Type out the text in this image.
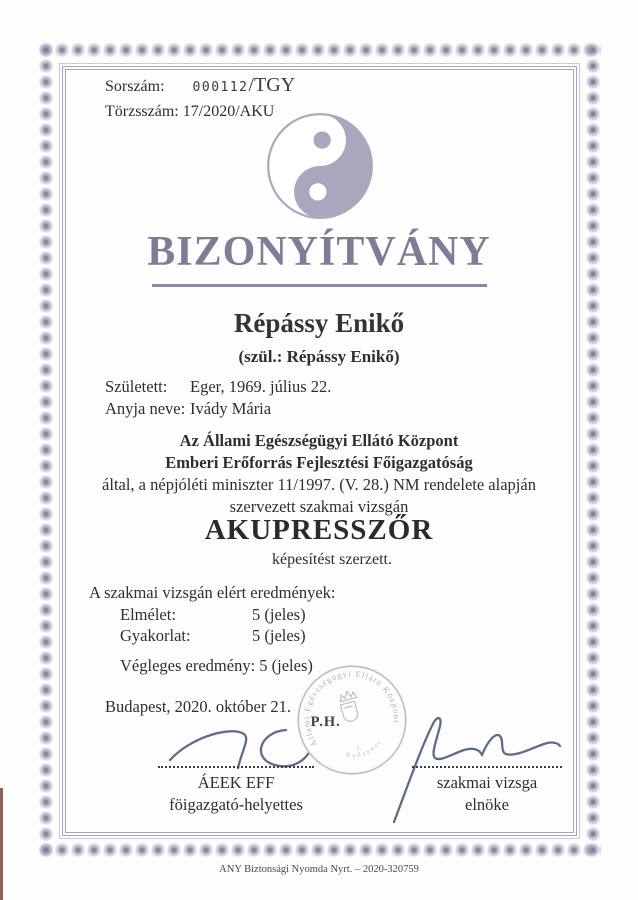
Sorszám: 000112/TGY
Törzsszám: 17/2020/AKU
BIZONYÍTVÁNY
Répássy Enikő
(szül.: Répássy Enikő)
Született: Eger, 1969. július 22.
Anyja neve: Ivády Mária
Az Állami Egészségügyi Ellátó Központ
Emberi Erőforrás Fejlesztési Főigazgatóság
által, a népjóléti miniszter 11/1997. (V. 28.) NM rendelete alapján
szervezett szakmai vizsgán
AKUPRESSZŐR
képesítést szerzett.
A szakmai vizsgán elért eredmények:
Elmélet:	5 (jeles)
Gyakorlat:	5 (jeles)
Végleges eredmény: 5 (jeles)
Budapest, 2020. október 21.
Állami Egészségügyi Ellátó Központ
Budapest
1.
P.H.
ÁEEK EFF
föigazgató-helyettes
szakmai vizsga
elnöke
ANY Biztonsági Nyomda Nyrt. – 2020-320759
